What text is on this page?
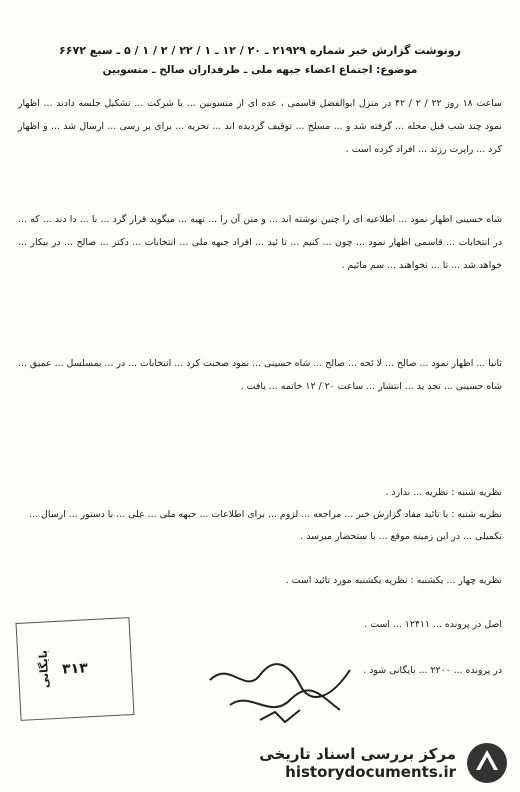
رونوشت گزارش خبر شماره ۲۱۹۲۹ ـ ۲۰ / ۱۲ ـ ۱ / ۲۲ / ۲ / ۱ / ۵ ـ سبع ۶۶۷۲
موضوع: اجتماع اعضاء جبهه ملی ـ طرفداران صالح ـ منسوبین
ساعت ۱۸ روز ۲۲ / ۲ / ۴۲ در منزل ابوالفضل قاسمی ، عده ای از منسوبین ... با شرکت ... تشکیل جلسه دادند ... اظهار نمود چند شب قبل محله ... گرفته شد و ... مسلح ... توقیف گردیده اند ... تحریه ... برای بر رسی ... ارسال شد ... و اظهار کرد ... راپرت رزند ... افراد کرده است .
شاه حسینی اظهار نمود ... اطلاعیه ای را چنین نوشته اند ... و متن آن را ... تهیه ... میگوید قرار گرد ... با ... دا دند ... که ... در انتخابات ... قاسمی اظهار نمود ... چون ... کنیم ... تا ئید ... افراد جبهه ملی ... انتخابات ... دکتر ... صالح ... در بیکار ... خواهد شد ... تا ... نخواهند ... سم مائیم .
ثانیا ... اظهار نمود ... صالح ... لا ئحه ... صالح ... شاه حسینی ... نمود صحبت کرد ... انتخابات ... در ... بمسلسل ... عمیق ... شاه حسینی ... تجد ید ... انتشار ... ساعت ۲۰ / ۱۲ خاتمه ... یافت .
نظریه شنبه : نظریه ... ندارد .
نظریه شنبه : با تائید مفاد گزارش خبر ... مراجعه ... لزوم ... برای اطلاعات ... جبهه ملی ... علی ... با دستور ... ارسال ... تکمیلی ... در این زمینه موقع ... با ستحضار میرسد .
نظریه چهار ... یکشنبه : نظریه یکشنبه مورد تائید است .
اصل در پرونده ... ۱۲۴۱۱ ... است .
در پرونده ... ۲۲۰۰ ... بایگانی شود .
بایگانی ۳۱۳
مرکز بررسی اسناد تاریخی
historydocuments.ir
